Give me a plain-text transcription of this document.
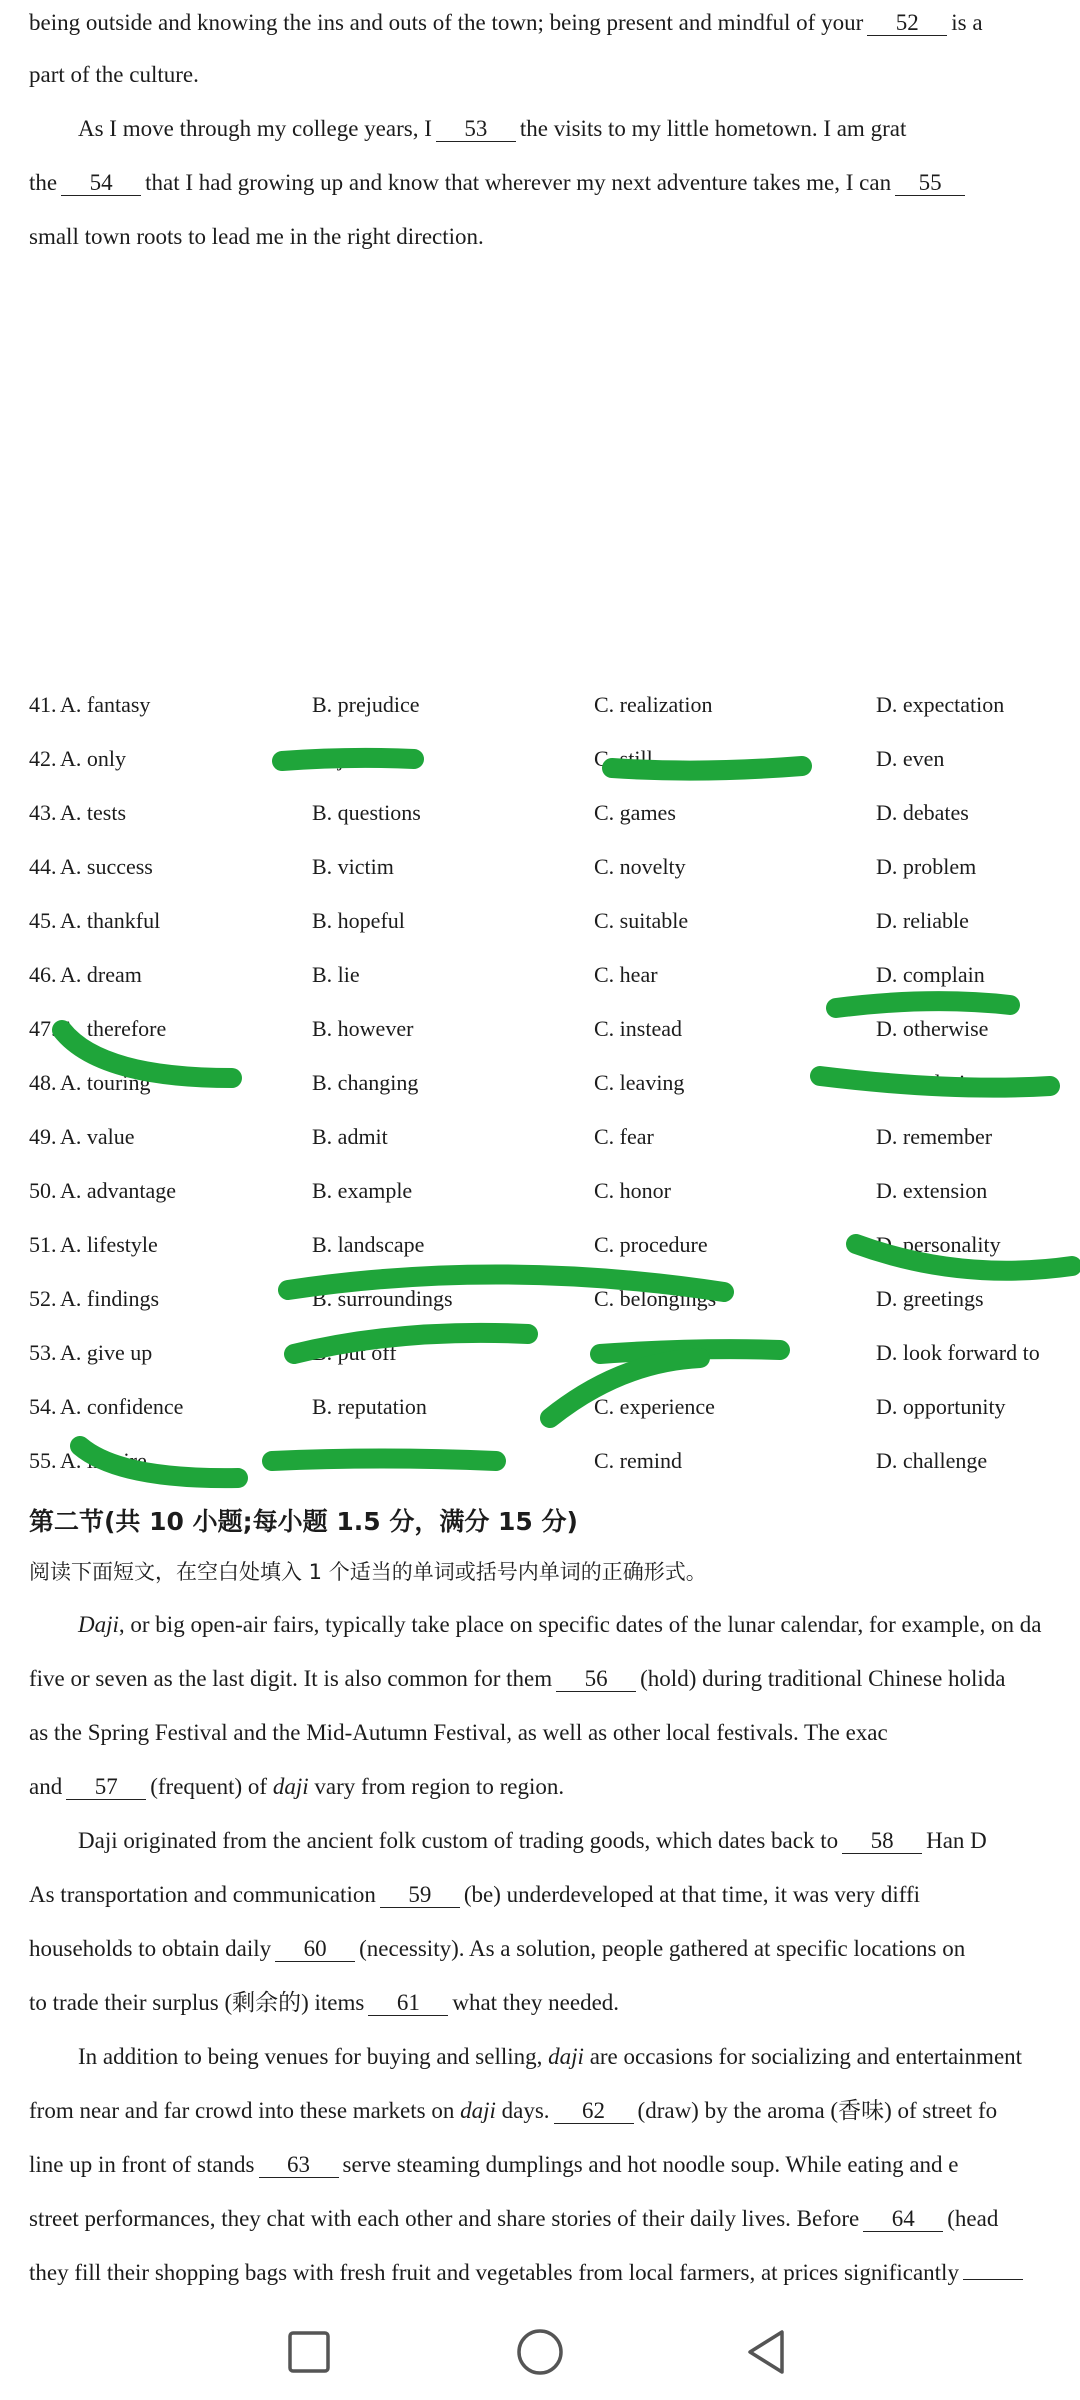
being outside and knowing the ins and outs of the town; being present and mindful of your 52 is a
part of the culture.
As I move through my college years, I 53 the visits to my little hometown. I am grat
the 54 that I had growing up and know that wherever my next adventure takes me, I can 55
small town roots to lead me in the right direction.
41. A. fantasy	B. prejudice	C. realization	D. expectation
42. A. only	B. just	C. still	D. even
43. A. tests	B. questions	C. games	D. debates
44. A. success	B. victim	C. novelty	D. problem
45. A. thankful	B. hopeful	C. suitable	D. reliable
46. A. dream	B. lie	C. hear	D. complain
47. A. therefore	B. however	C. instead	D. otherwise
48. A. touring	B. changing	C. leaving	D. exploring
49. A. value	B. admit	C. fear	D. remember
50. A. advantage	B. example	C. honor	D. extension
51. A. lifestyle	B. landscape	C. procedure	D. personality
52. A. findings	B. surroundings	C. belongings	D. greetings
53. A. give up	B. put off	C. face up to	D. look forward to
54. A. confidence	B. reputation	C. experience	D. opportunity
55. A. inspire	B. trust	C. remind	D. challenge
第二节(共 10 小题;每小题 1.5 分，满分 15 分)
阅读下面短文，在空白处填入 1 个适当的单词或括号内单词的正确形式。
Daji, or big open-air fairs, typically take place on specific dates of the lunar calendar, for example, on da
five or seven as the last digit. It is also common for them 56 (hold) during traditional Chinese holida
as the Spring Festival and the Mid-Autumn Festival, as well as other local festivals. The exac
and 57 (frequent) of daji vary from region to region.
Daji originated from the ancient folk custom of trading goods, which dates back to 58 Han D
As transportation and communication 59 (be) underdeveloped at that time, it was very diffi
households to obtain daily 60 (necessity). As a solution, people gathered at specific locations on
to trade their surplus (剩余的) items 61 what they needed.
In addition to being venues for buying and selling, daji are occasions for socializing and entertainment
from near and far crowd into these markets on daji days. 62 (draw) by the aroma (香味) of street fo
line up in front of stands 63 serve steaming dumplings and hot noodle soup. While eating and e
street performances, they chat with each other and share stories of their daily lives. Before 64 (head
they fill their shopping bags with fresh fruit and vegetables from local farmers, at prices significantly
